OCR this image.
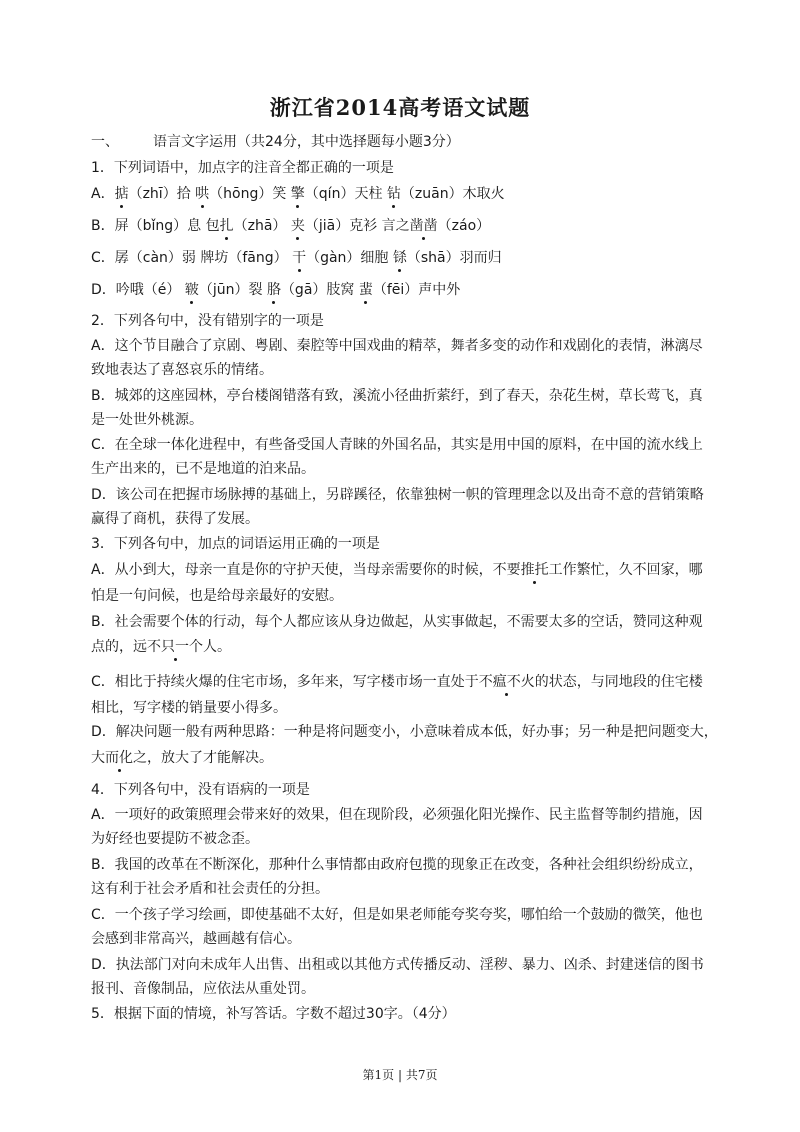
浙江省2014高考语文试题
一、 语言文字运用（共24分，其中选择题每小题3分）
1．下列词语中，加点字的注音全都正确的一项是
A．掂（zhī）拾 哄（hōng）笑 擎（qín）天柱 钻（zuān）木取火
B．屏（bǐng）息 包扎（zhā） 夹（jiā）克衫 言之凿凿（záo）
C．孱（càn）弱 牌坊（fāng） 干（gàn）细胞 铩（shā）羽而归
D．吟哦（é） 皲（jūn）裂 胳（gā）肢窝 蜚（fēi）声中外
2．下列各句中，没有错别字的一项是
A．这个节目融合了京剧、粤剧、秦腔等中国戏曲的精萃，舞者多变的动作和戏剧化的表情，淋漓尽
致地表达了喜怒哀乐的情绪。
B．城郊的这座园林，亭台楼阁错落有致，溪流小径曲折萦纡，到了春天，杂花生树，草长莺飞，真
是一处世外桃源。
C．在全球一体化进程中，有些备受国人青睐的外国名品，其实是用中国的原料，在中国的流水线上
生产出来的，已不是地道的泊来品。
D．该公司在把握市场脉搏的基础上，另辟蹊径，依靠独树一帜的管理理念以及出奇不意的营销策略
赢得了商机，获得了发展。
3．下列各句中，加点的词语运用正确的一项是
A．从小到大，母亲一直是你的守护天使，当母亲需要你的时候，不要推托工作繁忙，久不回家，哪
怕是一句问候，也是给母亲最好的安慰。
B．社会需要个体的行动，每个人都应该从身边做起，从实事做起，不需要太多的空话，赞同这种观
点的，远不只一个人。
C．相比于持续火爆的住宅市场，多年来，写字楼市场一直处于不瘟不火的状态，与同地段的住宅楼
相比，写字楼的销量要小得多。
D．解决问题一般有两种思路：一种是将问题变小，小意味着成本低，好办事；另一种是把问题变大，
大而化之，放大了才能解决。
4．下列各句中，没有语病的一项是
A．一项好的政策照理会带来好的效果，但在现阶段，必须强化阳光操作、民主监督等制约措施，因
为好经也要提防不被念歪。
B．我国的改革在不断深化，那种什么事情都由政府包揽的现象正在改变，各种社会组织纷纷成立，
这有利于社会矛盾和社会责任的分担。
C．一个孩子学习绘画，即使基础不太好，但是如果老师能夸奖夸奖，哪怕给一个鼓励的微笑，他也
会感到非常高兴，越画越有信心。
D．执法部门对向未成年人出售、出租或以其他方式传播反动、淫秽、暴力、凶杀、封建迷信的图书
报刊、音像制品，应依法从重处罚。
5．根据下面的情境，补写答话。字数不超过30字。（4分）
第1页 | 共7页
